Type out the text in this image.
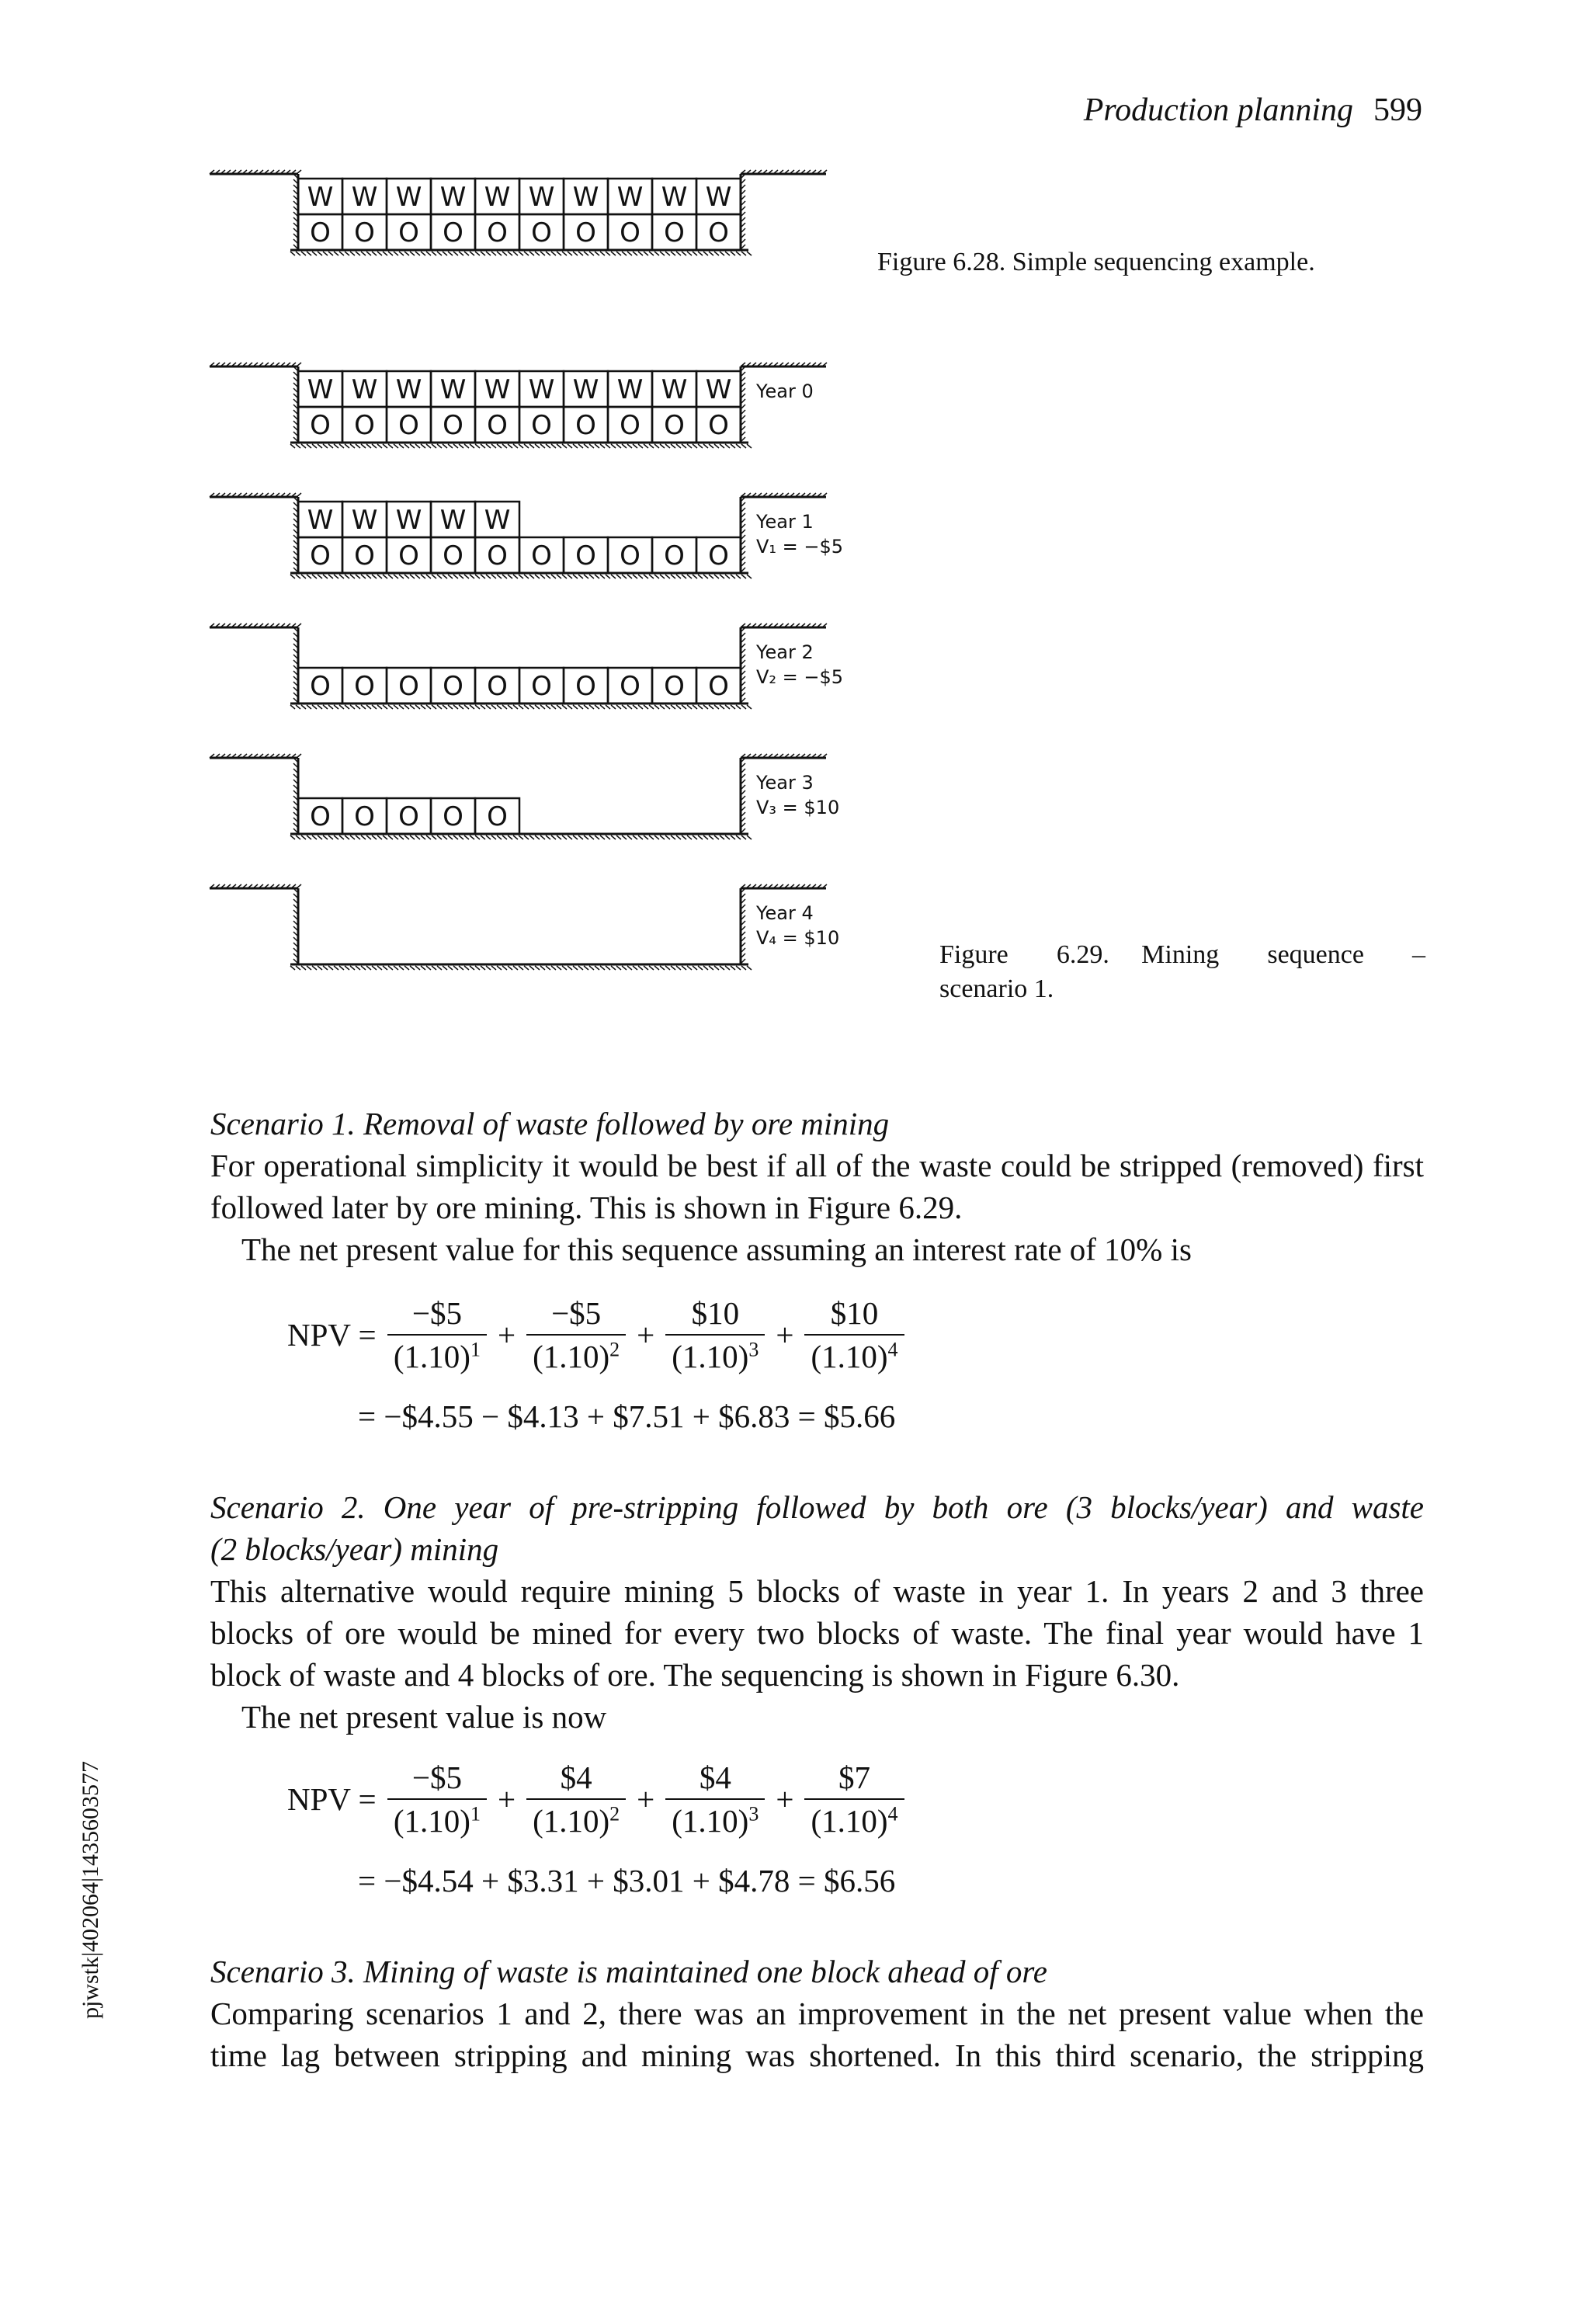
Production planning 599
pjwstk|402064|1435603577
W W W W W W W W W W
O O O O O O O O O O
W W W W W W W W W W
O O O O O O O O O O
Year 0
W W W W W
O O O O O O O O O O
Year 1
V₁ = −$5
O O O O O O O O O O
Year 2
V₂ = −$5
O O O O O
Year 3
V₃ = $10
Year 4
V₄ = $10
Figure 6.28. Simple sequencing example.
Figure   6.29.  Mining   sequence   –
scenario 1.
Scenario 1. Removal of waste followed by ore mining
For operational simplicity it would be best if all of the waste could be stripped (removed) first followed later by ore mining. This is shown in Figure 6.29.
The net present value for this sequence assuming an interest rate of 10% is
NPV = $\frac{-\$5}{(1.10)^1} + \frac{-\$5}{(1.10)^2} + \frac{\$10}{(1.10)^3} + \frac{\$10}{(1.10)^4}$
= −$4.55 − $4.13 + $7.51 + $6.83 = $5.66
Scenario 2. One year of pre-stripping followed by both ore (3 blocks/year) and waste
(2 blocks/year) mining
This alternative would require mining 5 blocks of waste in year 1. In years 2 and 3 three blocks of ore would be mined for every two blocks of waste. The final year would have 1 block of waste and 4 blocks of ore. The sequencing is shown in Figure 6.30.
The net present value is now
NPV = $\frac{-\$5}{(1.10)^1} + \frac{\$4}{(1.10)^2} + \frac{\$4}{(1.10)^3} + \frac{\$7}{(1.10)^4}$
= −$4.54 + $3.31 + $3.01 + $4.78 = $6.56
Scenario 3. Mining of waste is maintained one block ahead of ore
Comparing scenarios 1 and 2, there was an improvement in the net present value when the time lag between stripping and mining was shortened. In this third scenario, the stripping
